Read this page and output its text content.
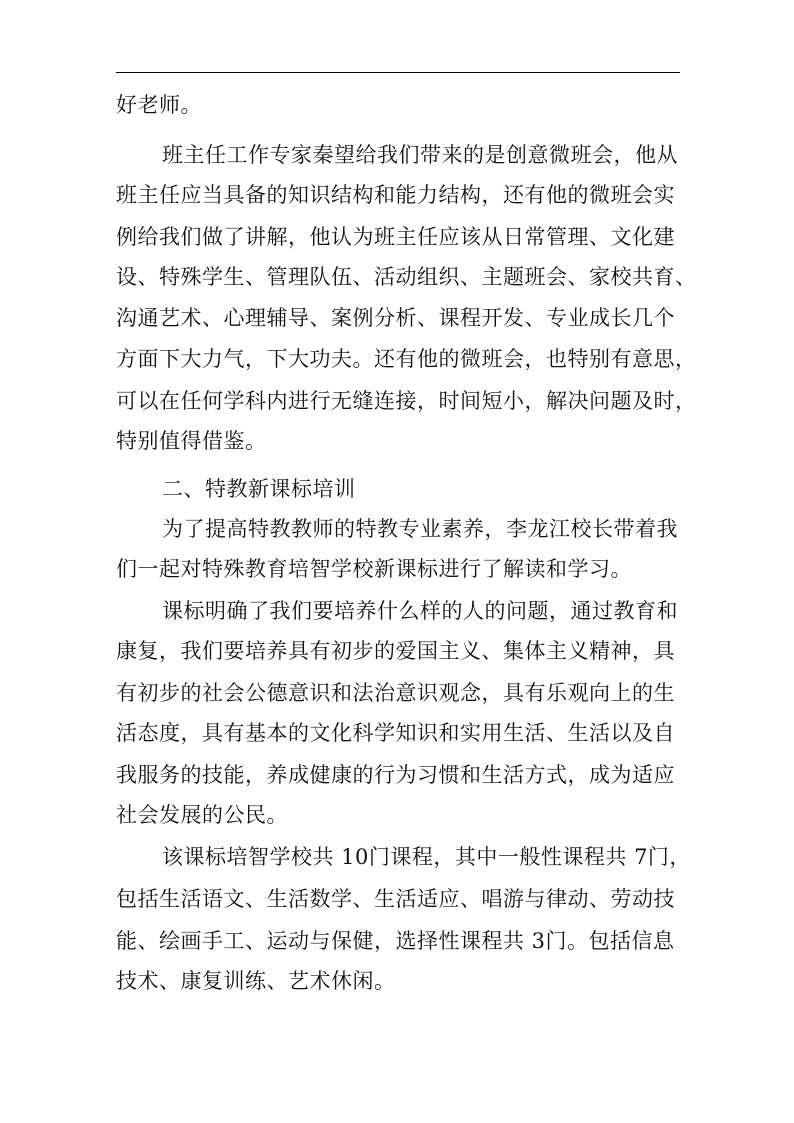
好老师。
班主任工作专家秦望给我们带来的是创意微班会，他从
班主任应当具备的知识结构和能力结构，还有他的微班会实
例给我们做了讲解，他认为班主任应该从日常管理、文化建
设、特殊学生、管理队伍、活动组织、主题班会、家校共育、
沟通艺术、心理辅导、案例分析、课程开发、专业成长几个
方面下大力气，下大功夫。还有他的微班会，也特别有意思，
可以在任何学科内进行无缝连接，时间短小，解决问题及时，
特别值得借鉴。
二、特教新课标培训
为了提高特教教师的特教专业素养，李龙江校长带着我
们一起对特殊教育培智学校新课标进行了解读和学习。
课标明确了我们要培养什么样的人的问题，通过教育和
康复，我们要培养具有初步的爱国主义、集体主义精神，具
有初步的社会公德意识和法治意识观念，具有乐观向上的生
活态度，具有基本的文化科学知识和实用生活、生活以及自
我服务的技能，养成健康的行为习惯和生活方式，成为适应
社会发展的公民。
该课标培智学校共 10门课程，其中一般性课程共 7门，
包括生活语文、生活数学、生活适应、唱游与律动、劳动技
能、绘画手工、运动与保健，选择性课程共 3门。包括信息
技术、康复训练、艺术休闲。
